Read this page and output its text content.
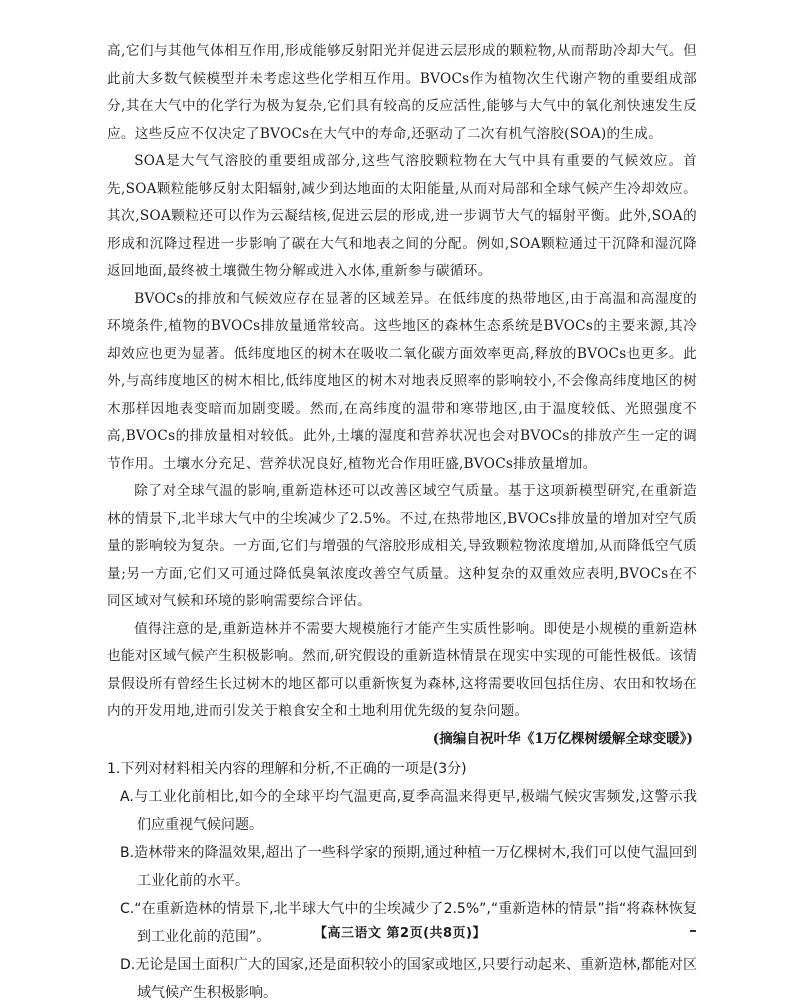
高,它们与其他气体相互作用,形成能够反射阳光并促进云层形成的颗粒物,从而帮助冷却大气。但此前大多数气候模型并未考虑这些化学相互作用。BVOCs作为植物次生代谢产物的重要组成部分,其在大气中的化学行为极为复杂,它们具有较高的反应活性,能够与大气中的氧化剂快速发生反应。这些反应不仅决定了BVOCs在大气中的寿命,还驱动了二次有机气溶胶(SOA)的生成。

SOA是大气气溶胶的重要组成部分,这些气溶胶颗粒物在大气中具有重要的气候效应。首先,SOA颗粒能够反射太阳辐射,减少到达地面的太阳能量,从而对局部和全球气候产生冷却效应。其次,SOA颗粒还可以作为云凝结核,促进云层的形成,进一步调节大气的辐射平衡。此外,SOA的形成和沉降过程进一步影响了碳在大气和地表之间的分配。例如,SOA颗粒通过干沉降和湿沉降返回地面,最终被土壤微生物分解或进入水体,重新参与碳循环。

BVOCs的排放和气候效应存在显著的区域差异。在低纬度的热带地区,由于高温和高湿度的环境条件,植物的BVOCs排放量通常较高。这些地区的森林生态系统是BVOCs的主要来源,其冷却效应也更为显著。低纬度地区的树木在吸收二氧化碳方面效率更高,释放的BVOCs也更多。此外,与高纬度地区的树木相比,低纬度地区的树木对地表反照率的影响较小,不会像高纬度地区的树木那样因地表变暗而加剧变暖。然而,在高纬度的温带和寒带地区,由于温度较低、光照强度不高,BVOCs的排放量相对较低。此外,土壤的湿度和营养状况也会对BVOCs的排放产生一定的调节作用。土壤水分充足、营养状况良好,植物光合作用旺盛,BVOCs排放量增加。

除了对全球气温的影响,重新造林还可以改善区域空气质量。基于这项新模型研究,在重新造林的情景下,北半球大气中的尘埃减少了2.5%。不过,在热带地区,BVOCs排放量的增加对空气质量的影响较为复杂。一方面,它们与增强的气溶胶形成相关,导致颗粒物浓度增加,从而降低空气质量;另一方面,它们又可通过降低臭氧浓度改善空气质量。这种复杂的双重效应表明,BVOCs在不同区域对气候和环境的影响需要综合评估。

值得注意的是,重新造林并不需要大规模施行才能产生实质性影响。即使是小规模的重新造林也能对区域气候产生积极影响。然而,研究假设的重新造林情景在现实中实现的可能性极低。该情景假设所有曾经生长过树木的地区都可以重新恢复为森林,这将需要收回包括住房、农田和牧场在内的开发用地,进而引发关于粮食安全和土地利用优先级的复杂问题。

(摘编自祝叶华《1万亿棵树缓解全球变暖》)

1.下列对材料相关内容的理解和分析,不正确的一项是(3分)

A.与工业化前相比,如今的全球平均气温更高,夏季高温来得更早,极端气候灾害频发,这警示我们应重视气候问题。

B.造林带来的降温效果,超出了一些科学家的预期,通过种植一万亿棵树木,我们可以使气温回到工业化前的水平。

C.“在重新造林的情景下,北半球大气中的尘埃减少了2.5%”,“重新造林的情景”指“将森林恢复到工业化前的范围”。

D.无论是国土面积广大的国家,还是面积较小的国家或地区,只要行动起来、重新造林,都能对区域气候产生积极影响。

【高三语文 第2页(共8页)】
